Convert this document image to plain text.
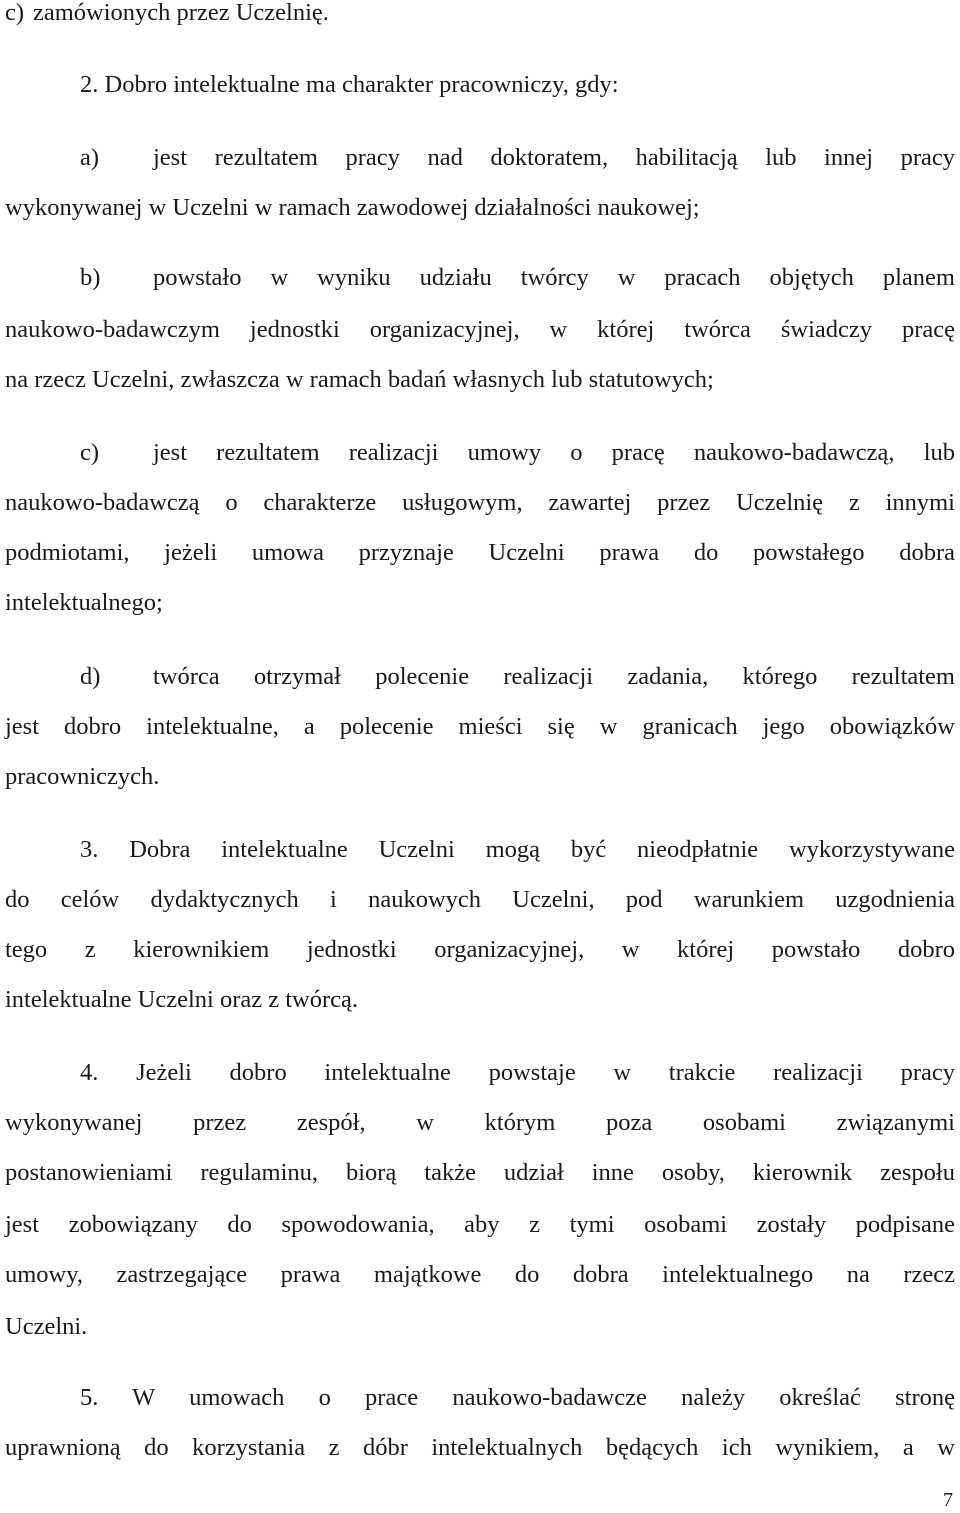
c) zamówionych przez Uczelnię.

2. Dobro intelektualne ma charakter pracowniczy, gdy:

a) jest rezultatem pracy nad doktoratem, habilitacją lub innej pracy

wykonywanej w Uczelni w ramach zawodowej działalności naukowej;

b) powstało w wyniku udziału twórcy w pracach objętych planem

naukowo-badawczym jednostki organizacyjnej, w której twórca świadczy pracę

na rzecz Uczelni, zwłaszcza w ramach badań własnych lub statutowych;

c) jest rezultatem realizacji umowy o pracę naukowo-badawczą, lub

naukowo-badawczą o charakterze usługowym, zawartej przez Uczelnię z innymi

podmiotami, jeżeli umowa przyznaje Uczelni prawa do powstałego dobra

intelektualnego;

d) twórca otrzymał polecenie realizacji zadania, którego rezultatem

jest dobro intelektualne, a polecenie mieści się w granicach jego obowiązków

pracowniczych.

3. Dobra intelektualne Uczelni mogą być nieodpłatnie wykorzystywane

do celów dydaktycznych i naukowych Uczelni, pod warunkiem uzgodnienia

tego z kierownikiem jednostki organizacyjnej, w której powstało dobro

intelektualne Uczelni oraz z twórcą.

4. Jeżeli dobro intelektualne powstaje w trakcie realizacji pracy

wykonywanej przez zespół, w którym poza osobami związanymi

postanowieniami regulaminu, biorą także udział inne osoby, kierownik zespołu

jest zobowiązany do spowodowania, aby z tymi osobami zostały podpisane

umowy, zastrzegające prawa majątkowe do dobra intelektualnego na rzecz

Uczelni.

5. W umowach o prace naukowo-badawcze należy określać stronę

uprawnioną do korzystania z dóbr intelektualnych będących ich wynikiem, a w

7
